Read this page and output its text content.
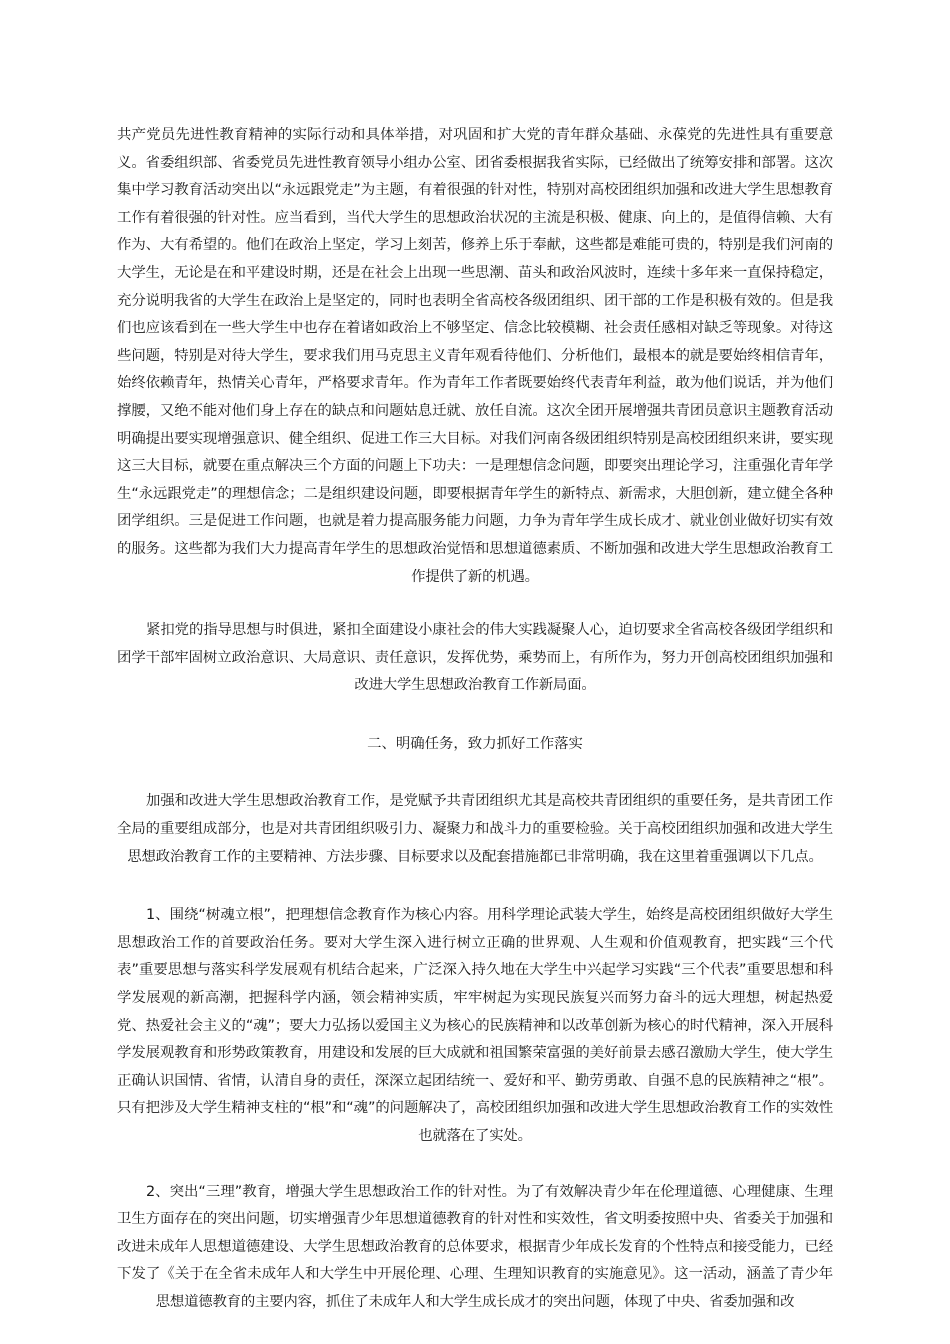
共产党员先进性教育精神的实际行动和具体举措，对巩固和扩大党的青年群众基础、永葆党的先进性具有重要意义。省委组织部、省委党员先进性教育领导小组办公室、团省委根据我省实际，已经做出了统筹安排和部署。这次集中学习教育活动突出以“永远跟党走”为主题，有着很强的针对性，特别对高校团组织加强和改进大学生思想教育工作有着很强的针对性。应当看到，当代大学生的思想政治状况的主流是积极、健康、向上的，是值得信赖、大有作为、大有希望的。他们在政治上坚定，学习上刻苦，修养上乐于奉献，这些都是难能可贵的，特别是我们河南的大学生，无论是在和平建设时期，还是在社会上出现一些思潮、苗头和政治风波时，连续十多年来一直保持稳定，充分说明我省的大学生在政治上是坚定的，同时也表明全省高校各级团组织、团干部的工作是积极有效的。但是我们也应该看到在一些大学生中也存在着诸如政治上不够坚定、信念比较模糊、社会责任感相对缺乏等现象。对待这些问题，特别是对待大学生，要求我们用马克思主义青年观看待他们、分析他们，最根本的就是要始终相信青年，始终依赖青年，热情关心青年，严格要求青年。作为青年工作者既要始终代表青年利益，敢为他们说话，并为他们撑腰，又绝不能对他们身上存在的缺点和问题姑息迁就、放任自流。这次全团开展增强共青团员意识主题教育活动明确提出要实现增强意识、健全组织、促进工作三大目标。对我们河南各级团组织特别是高校团组织来讲，要实现这三大目标，就要在重点解决三个方面的问题上下功夫：一是理想信念问题，即要突出理论学习，注重强化青年学生“永远跟党走”的理想信念；二是组织建设问题，即要根据青年学生的新特点、新需求，大胆创新，建立健全各种团学组织。三是促进工作问题，也就是着力提高服务能力问题，力争为青年学生成长成才、就业创业做好切实有效的服务。这些都为我们大力提高青年学生的思想政治觉悟和思想道德素质、不断加强和改进大学生思想政治教育工作提供了新的机遇。

紧扣党的指导思想与时俱进，紧扣全面建设小康社会的伟大实践凝聚人心，迫切要求全省高校各级团学组织和团学干部牢固树立政治意识、大局意识、责任意识，发挥优势，乘势而上，有所作为，努力开创高校团组织加强和改进大学生思想政治教育工作新局面。

二、明确任务，致力抓好工作落实

加强和改进大学生思想政治教育工作，是党赋予共青团组织尤其是高校共青团组织的重要任务，是共青团工作全局的重要组成部分，也是对共青团组织吸引力、凝聚力和战斗力的重要检验。关于高校团组织加强和改进大学生思想政治教育工作的主要精神、方法步骤、目标要求以及配套措施都已非常明确，我在这里着重强调以下几点。

1、围绕“树魂立根”，把理想信念教育作为核心内容。用科学理论武装大学生，始终是高校团组织做好大学生思想政治工作的首要政治任务。要对大学生深入进行树立正确的世界观、人生观和价值观教育，把实践“三个代表”重要思想与落实科学发展观有机结合起来，广泛深入持久地在大学生中兴起学习实践“三个代表”重要思想和科学发展观的新高潮，把握科学内涵，领会精神实质，牢牢树起为实现民族复兴而努力奋斗的远大理想，树起热爱党、热爱社会主义的“魂”；要大力弘扬以爱国主义为核心的民族精神和以改革创新为核心的时代精神，深入开展科学发展观教育和形势政策教育，用建设和发展的巨大成就和祖国繁荣富强的美好前景去感召激励大学生，使大学生正确认识国情、省情，认清自身的责任，深深立起团结统一、爱好和平、勤劳勇敢、自强不息的民族精神之“根”。只有把涉及大学生精神支柱的“根”和“魂”的问题解决了，高校团组织加强和改进大学生思想政治教育工作的实效性也就落在了实处。

2、突出“三理”教育，增强大学生思想政治工作的针对性。为了有效解决青少年在伦理道德、心理健康、生理卫生方面存在的突出问题，切实增强青少年思想道德教育的针对性和实效性，省文明委按照中央、省委关于加强和改进未成年人思想道德建设、大学生思想政治教育的总体要求，根据青少年成长发育的个性特点和接受能力，已经下发了《关于在全省未成年人和大学生中开展伦理、心理、生理知识教育的实施意见》。这一活动，涵盖了青少年思想道德教育的主要内容，抓住了未成年人和大学生成长成才的突出问题，体现了中央、省委加强和改
